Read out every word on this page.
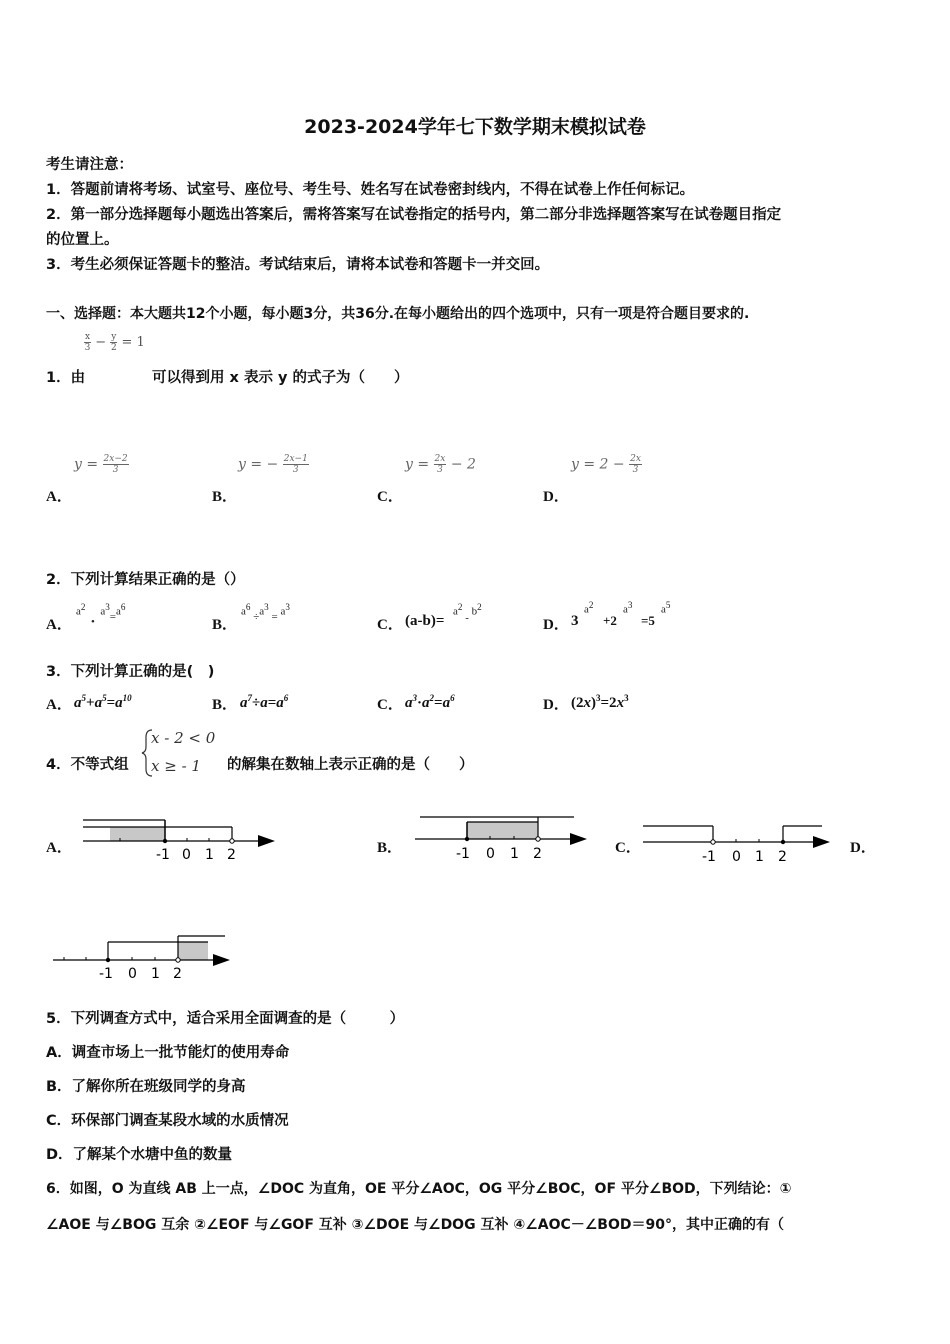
2023-2024学年七下数学期末模拟试卷
考生请注意：
1．答题前请将考场、试室号、座位号、考生号、姓名写在试卷密封线内，不得在试卷上作任何标记。
2．第一部分选择题每小题选出答案后，需将答案写在试卷指定的括号内，第二部分非选择题答案写在试卷题目指定
的位置上。
3．考生必须保证答题卡的整洁。考试结束后，请将本试卷和答题卡一并交回。
一、选择题：本大题共12个小题，每小题3分，共36分.在每小题给出的四个选项中，只有一项是符合题目要求的.
$\frac{x}{3} - \frac{y}{2} = 1$
1．由	可以得到用 x 表示 y 的式子为（　　）
$y = \frac{2x-2}{3}$	y = − $\frac{2x-1}{3}$	$y = \frac{2x}{3} - 2$	$y = 2 - \frac{2x}{3}$
A．	B．	C．	D．
2．下列计算结果正确的是（）
A．
$a^2$  •  $a^3=a^6$
B．
$a^6 \div a^3 = a^3$
C． (a-b)=
$a^2 - b^2$
D． 3
$a^2$
+2
$a^3$
=5
$a^5$
3．下列计算正确的是(　)
A． $a^5+a^5=a^{10}$	B． $a^7\div a=a^6$	C． $a^3\cdot a^2=a^6$	D． $(2x)^3=2x^3$
4．不等式组
x - 2 < 0
x ≥ - 1 的解集在数轴上表示正确的是（　　）
A．	B．	C．	D．
-1 0 1 2	-1 0 1 2	-1 0 1 2
-1 0 1 2
5．下列调查方式中，适合采用全面调查的是（　　　）
A．调查市场上一批节能灯的使用寿命
B．了解你所在班级同学的身高
C．环保部门调查某段水域的水质情况
D．了解某个水塘中鱼的数量
6．如图，O 为直线 AB 上一点，∠DOC 为直角，OE 平分∠AOC，OG 平分∠BOC，OF 平分∠BOD，下列结论：①
∠AOE 与∠BOG 互余 ②∠EOF 与∠GOF 互补 ③∠DOE 与∠DOG 互补 ④∠AOC－∠BOD＝90°，其中正确的有（
